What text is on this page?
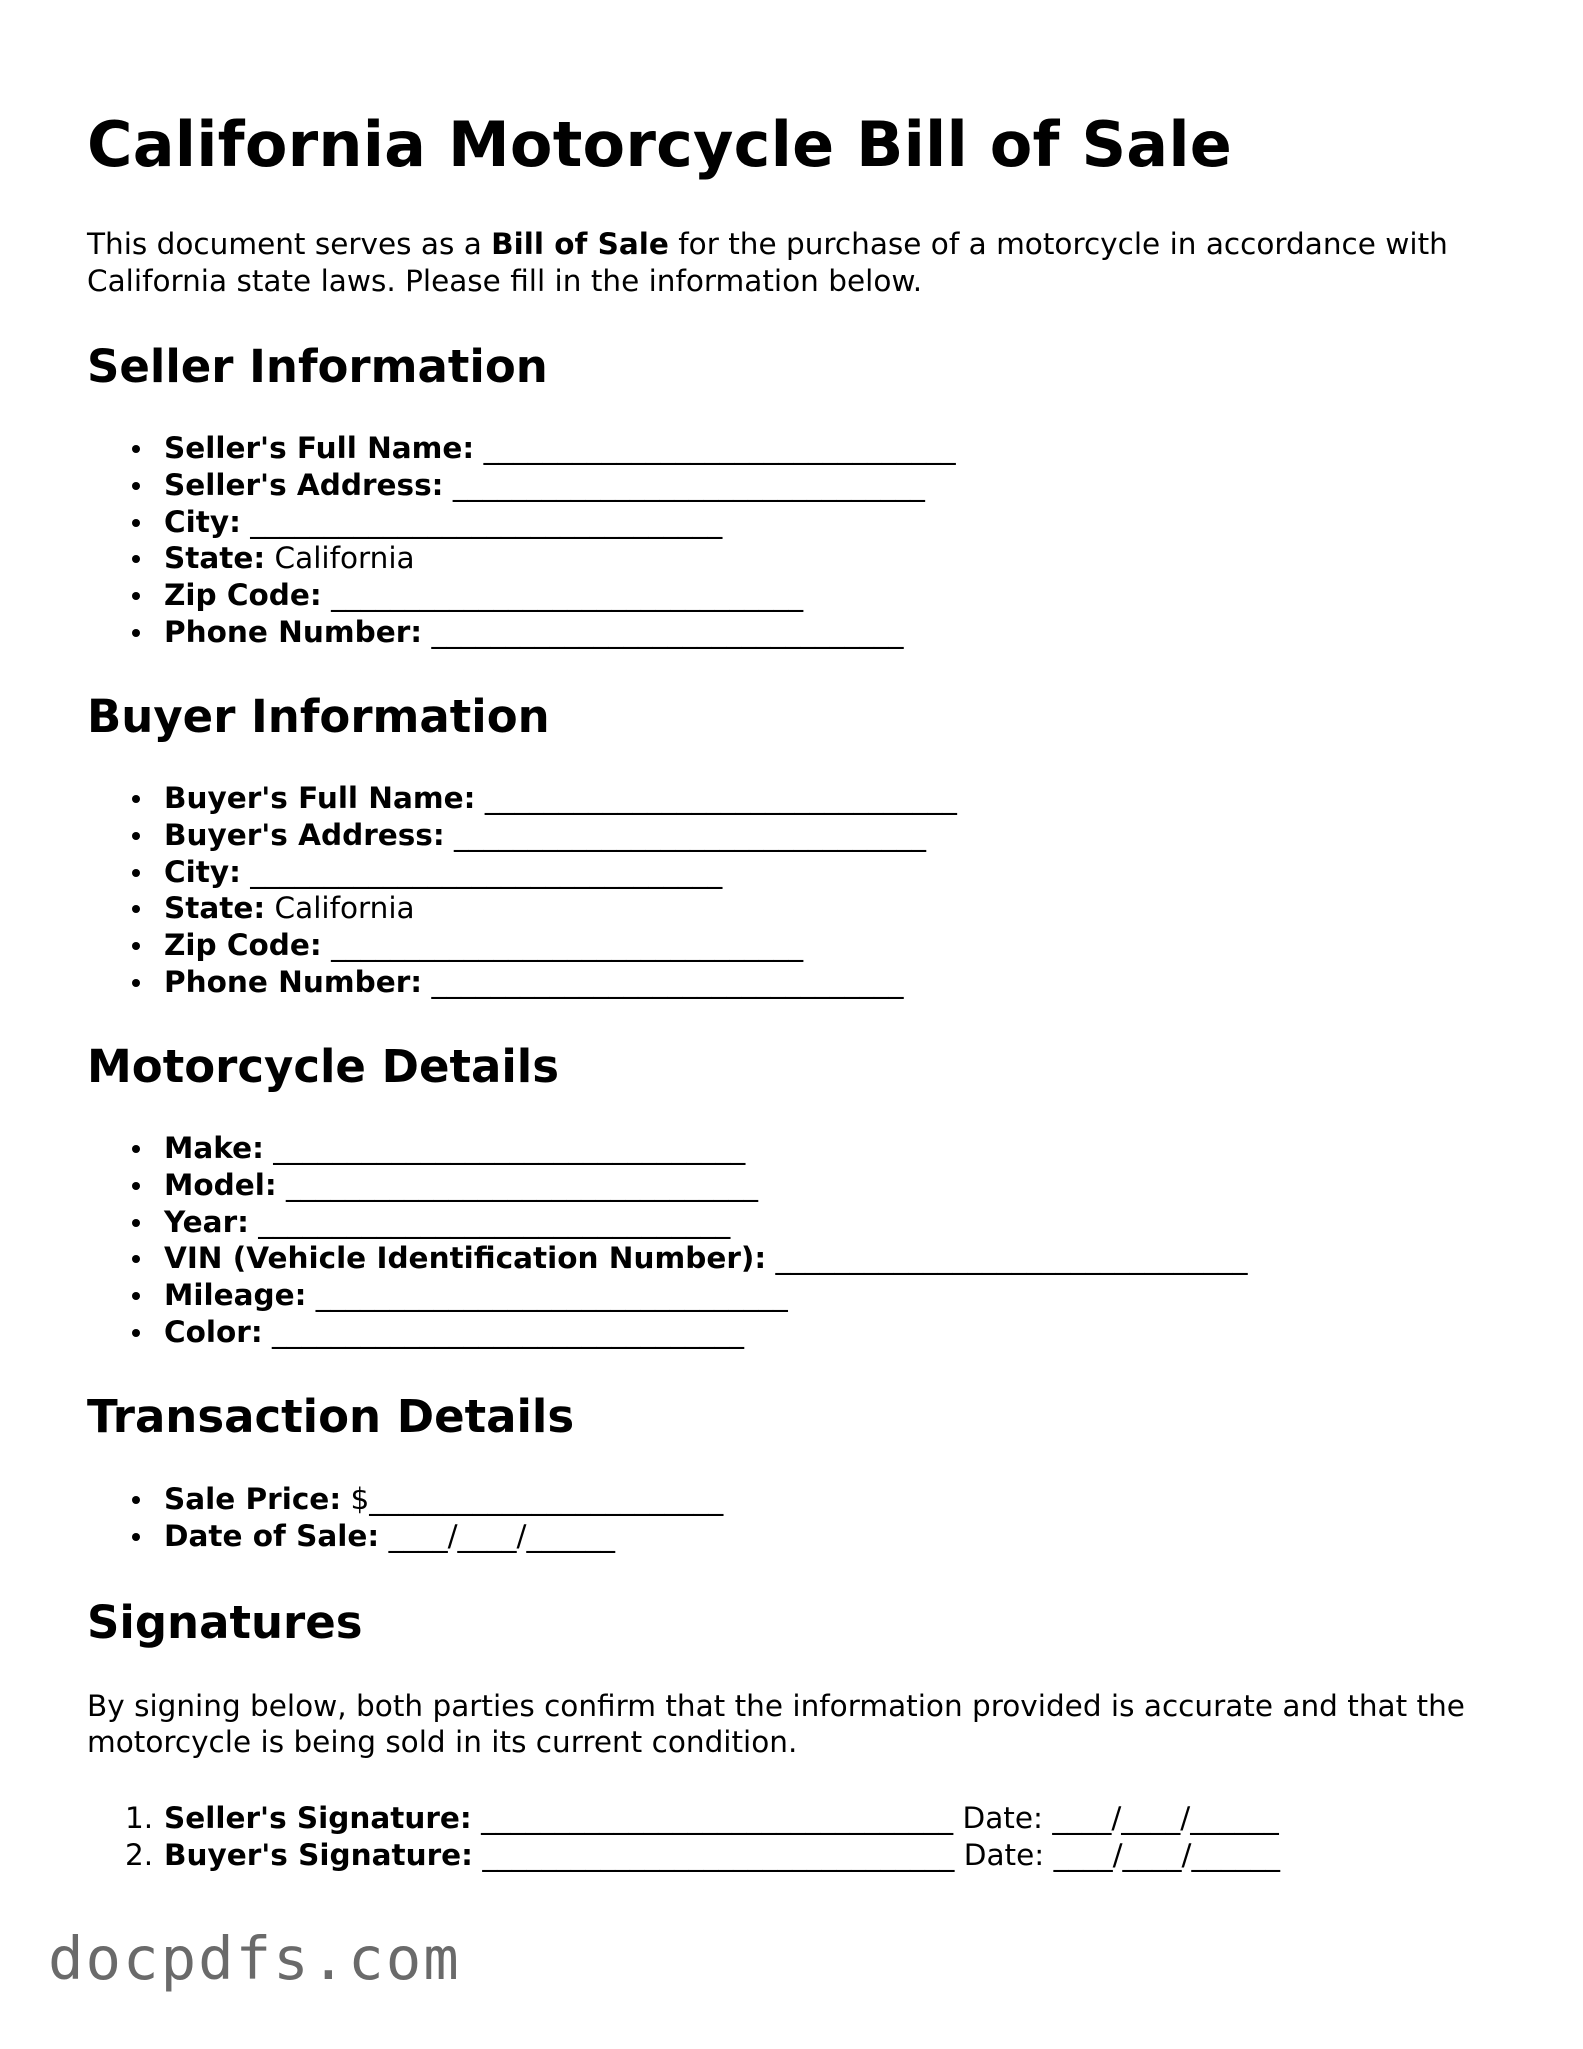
California Motorcycle Bill of Sale

This document serves as a Bill of Sale for the purchase of a motorcycle in accordance with California state laws. Please fill in the information below.

Seller Information
Seller's Full Name: ________________________________
Seller's Address: ________________________________
City: ________________________________
State: California
Zip Code: ________________________________
Phone Number: ________________________________
Buyer Information
Buyer's Full Name: ________________________________
Buyer's Address: ________________________________
City: ________________________________
State: California
Zip Code: ________________________________
Phone Number: ________________________________
Motorcycle Details
Make: ________________________________
Model: ________________________________
Year: ________________________________
VIN (Vehicle Identification Number): ________________________________
Mileage: ________________________________
Color: ________________________________
Transaction Details
Sale Price: $________________________
Date of Sale: ____/____/______
Signatures

By signing below, both parties confirm that the information provided is accurate and that the motorcycle is being sold in its current condition.

1. Seller's Signature: ________________________________ Date: ____/____/______
2. Buyer's Signature: ________________________________ Date: ____/____/______
docpdfs.com
